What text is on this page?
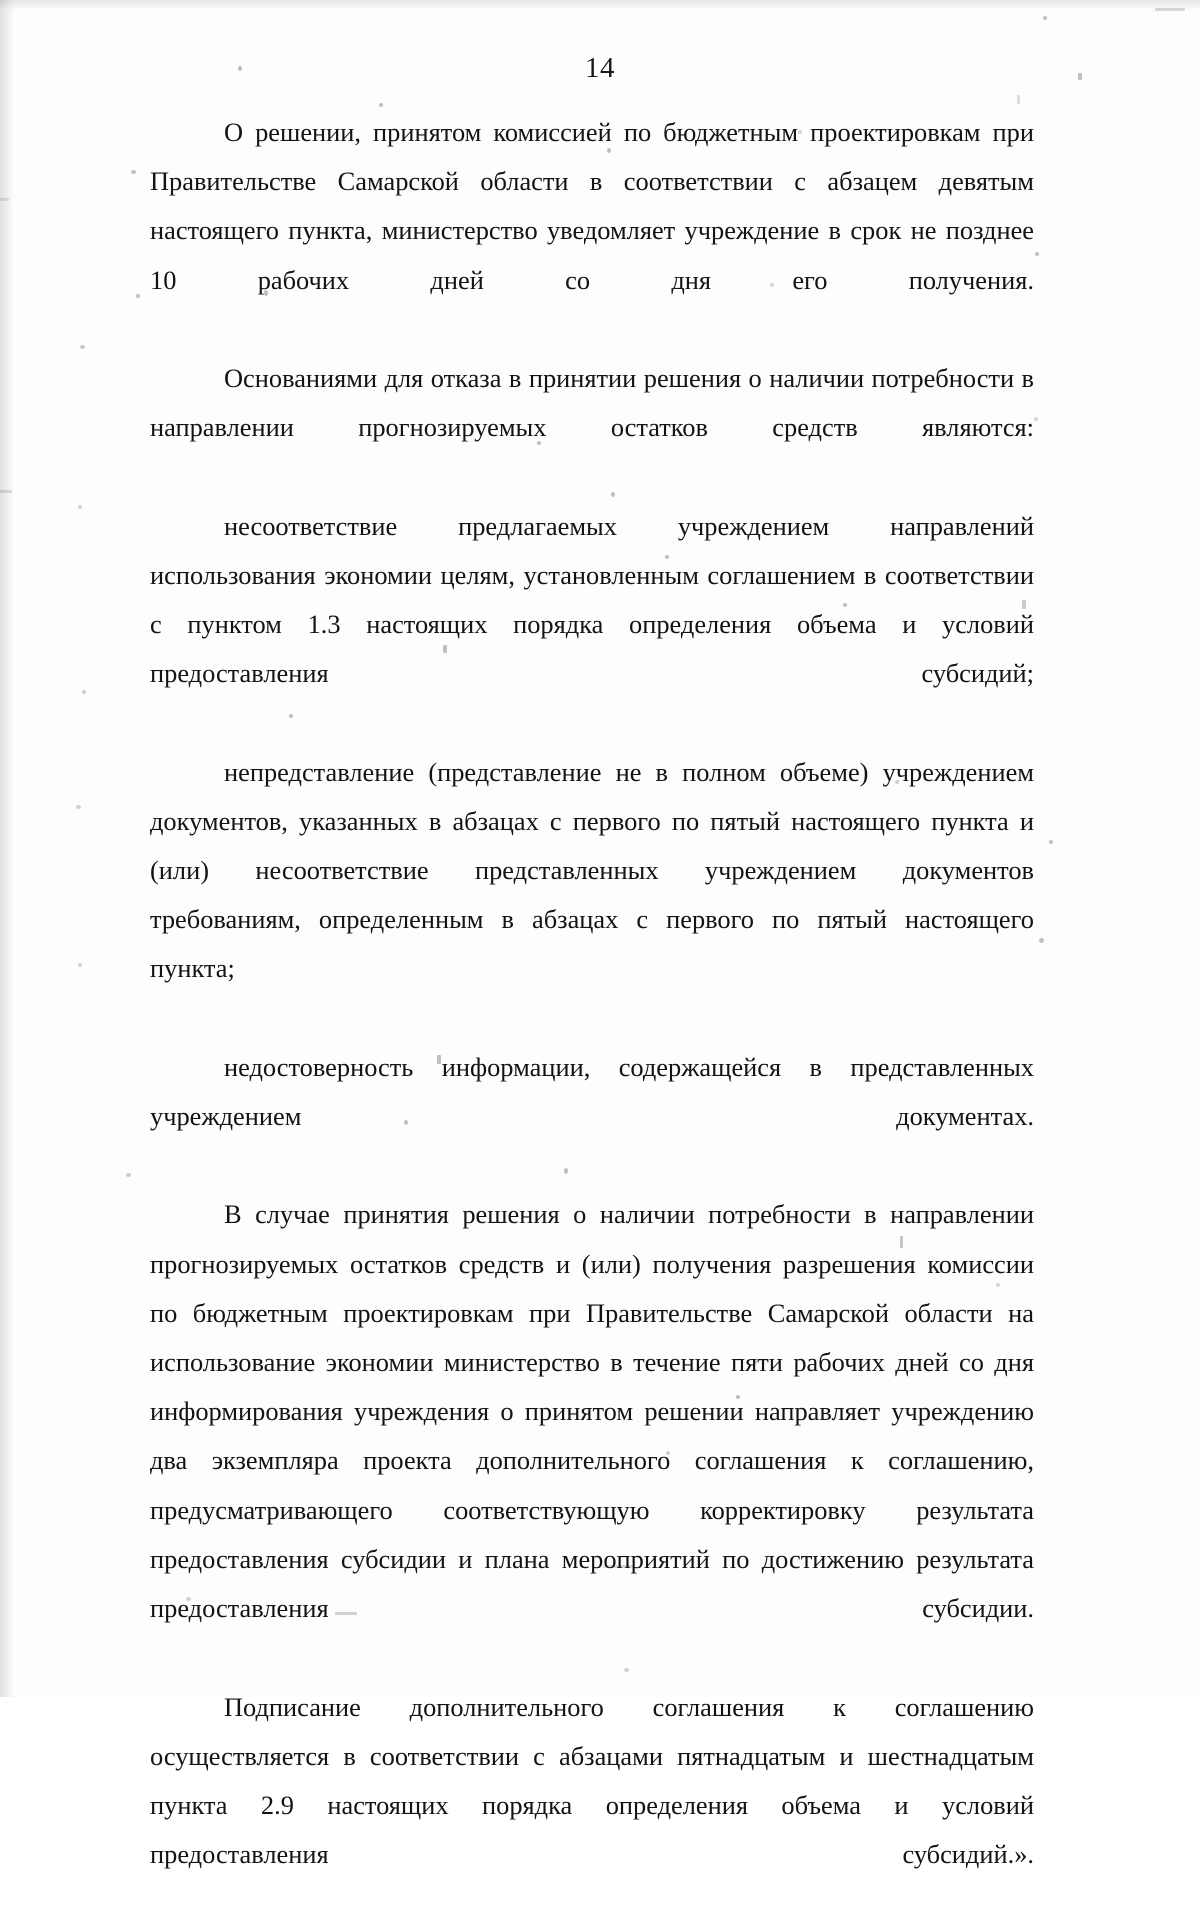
14

О решении, принятом комиссией по бюджетным проектировкам при Правительстве Самарской области в соответствии с абзацем девятым настоящего пункта, министерство уведомляет учреждение в срок не позднее 10 рабочих дней со дня его получения.

Основаниями для отказа в принятии решения о наличии потребности в направлении прогнозируемых остатков средств являются:

несоответствие предлагаемых учреждением направлений использования экономии целям, установленным соглашением в соответствии с пунктом 1.3 настоящих порядка определения объема и условий предоставления субсидий;

непредставление (представление не в полном объеме) учреждением документов, указанных в абзацах с первого по пятый настоящего пункта и (или) несоответствие представленных учреждением документов требованиям, определенным в абзацах с первого по пятый настоящего пункта;

недостоверность информации, содержащейся в представленных учреждением документах.

В случае принятия решения о наличии потребности в направлении прогнозируемых остатков средств и (или) получения разрешения комиссии по бюджетным проектировкам при Правительстве Самарской области на использование экономии министерство в течение пяти рабочих дней со дня информирования учреждения о принятом решении направляет учреждению два экземпляра проекта дополнительного соглашения к соглашению, предусматривающего соответствующую корректировку результата предоставления субсидии и плана мероприятий по достижению результата предоставления субсидии.

Подписание дополнительного соглашения к соглашению осуществляется в соответствии с абзацами пятнадцатым и шестнадцатым пункта 2.9 настоящих порядка определения объема и условий предоставления субсидий.».
